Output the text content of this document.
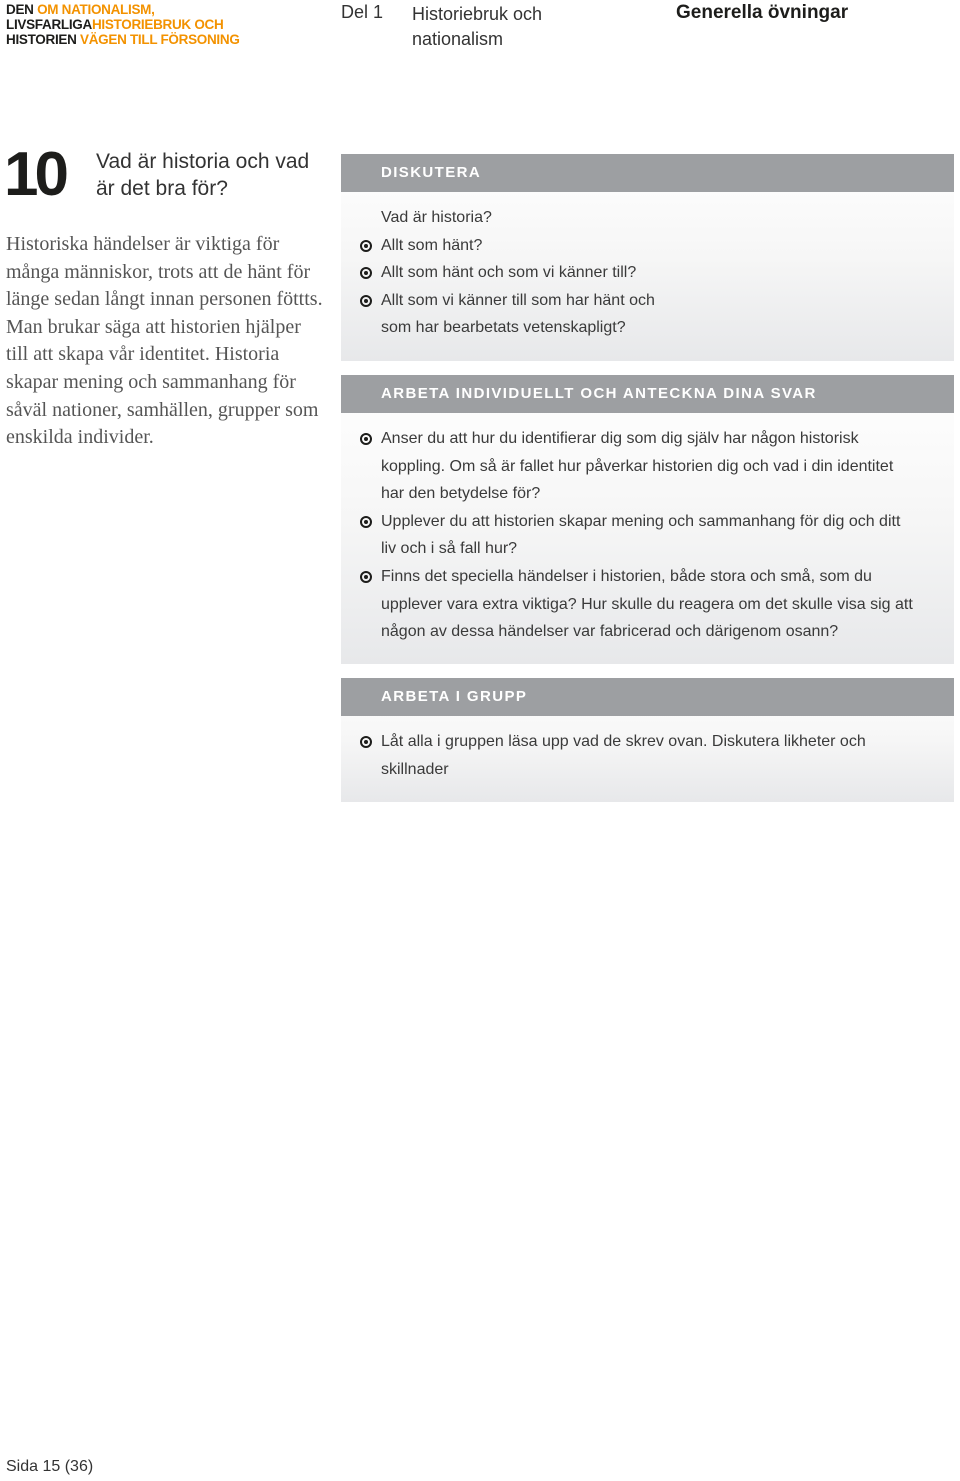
DEN OM NATIONALISM,
LIVSFARLIGAHISTORIEBRUK OCH
HISTORIEN VÄGEN TILL FÖRSONING
Del 1 Historiebruk och nationalism
Generella övningar
10 Vad är historia och vad är det bra för?
Historiska händelser är viktiga för många människor, trots att de hänt för länge sedan långt innan personen föttts. Man brukar säga att historien hjälper till att skapa vår identitet. Historia skapar mening och sammanhang för såväl nationer, samhällen, grupper som enskilda individer.
DISKUTERA

Vad är historia?

Allt som hänt?
Allt som hänt och som vi känner till?
Allt som vi känner till som har hänt och som har bearbetats vetenskapligt?
ARBETA INDIVIDUELLT OCH ANTECKNA DINA SVAR
Anser du att hur du identifierar dig som dig själv har någon historisk koppling. Om så är fallet hur påverkar historien dig och vad i din identitet har den betydelse för?
Upplever du att historien skapar mening och sammanhang för dig och ditt liv och i så fall hur?
Finns det speciella händelser i historien, både stora och små, som du upplever vara extra viktiga? Hur skulle du reagera om det skulle visa sig att någon av dessa händelser var fabricerad och därigenom osann?
ARBETA I GRUPP
Låt alla i gruppen läsa upp vad de skrev ovan. Diskutera likheter och skillnader
Sida 15 (36)
